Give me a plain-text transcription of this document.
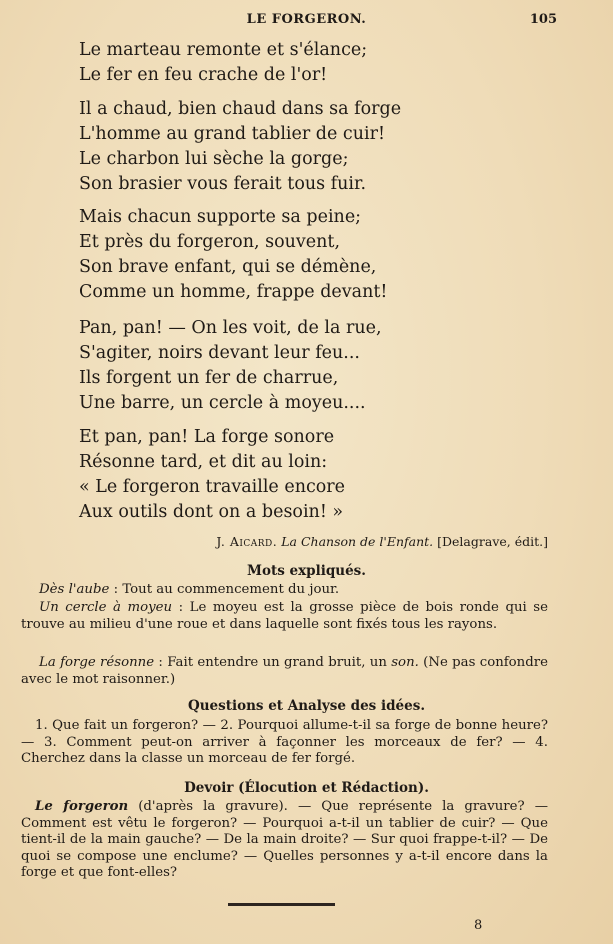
LE FORGERON.	105
Le marteau remonte et s'élance;
Le fer en feu crache de l'or!
Il a chaud, bien chaud dans sa forge
L'homme au grand tablier de cuir!
Le charbon lui sèche la gorge;
Son brasier vous ferait tous fuir.
Mais chacun supporte sa peine;
Et près du forgeron, souvent,
Son brave enfant, qui se démène,
Comme un homme, frappe devant!
Pan, pan! — On les voit, de la rue,
S'agiter, noirs devant leur feu...
Ils forgent un fer de charrue,
Une barre, un cercle à moyeu....
Et pan, pan! La forge sonore
Résonne tard, et dit au loin:
« Le forgeron travaille encore
Aux outils dont on a besoin! »
J. Aicard. La Chanson de l'Enfant. [Delagrave, édit.]
Mots expliqués.
Dès l'aube : Tout au commencement du jour.
Un cercle à moyeu : Le moyeu est la grosse pièce de bois ronde qui se trouve au milieu d'une roue et dans laquelle sont fixés tous les rayons.
La forge résonne : Fait entendre un grand bruit, un son. (Ne pas confondre avec le mot raisonner.)
Questions et Analyse des idées.
1. Que fait un forgeron? — 2. Pourquoi allume-t-il sa forge de bonne heure? — 3. Comment peut-on arriver à façonner les morceaux de fer? — 4. Cherchez dans la classe un morceau de fer forgé.
Devoir (Élocution et Rédaction).
Le forgeron (d'après la gravure). — Que représente la gravure? — Comment est vêtu le forgeron? — Pourquoi a-t-il un tablier de cuir? — Que tient-il de la main gauche? — De la main droite? — Sur quoi frappe-t-il? — De quoi se compose une enclume? — Quelles personnes y a-t-il encore dans la forge et que font-elles?
8
